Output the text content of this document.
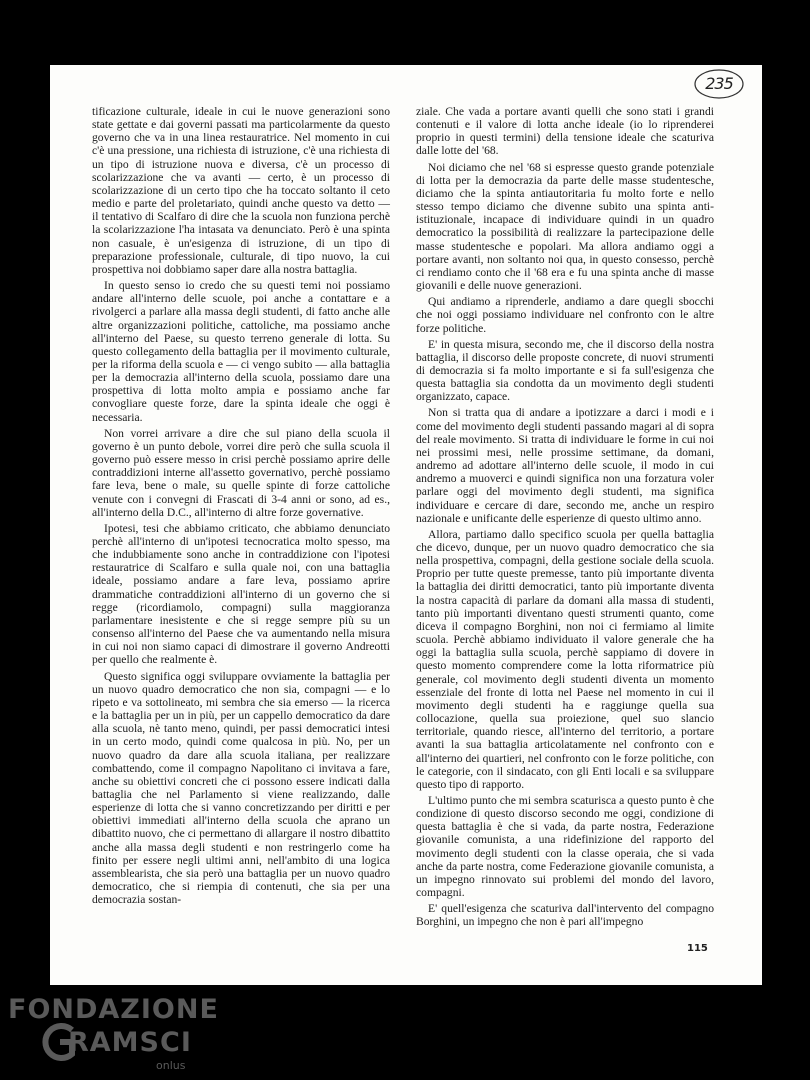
235

tificazione culturale, ideale in cui le nuove generazioni sono state gettate e dai governi passati ma particolarmente da questo governo che va in una linea restauratrice. Nel momento in cui c'è una pressione, una richiesta di istruzione, c'è una richiesta di un tipo di istruzione nuova e diversa, c'è un processo di scolarizzazione che va avanti — certo, è un processo di scolarizzazione di un certo tipo che ha toccato soltanto il ceto medio e parte del proletariato, quindi anche questo va detto — il tentativo di Scalfaro di dire che la scuola non funziona perchè la scolarizzazione l'ha intasata va denunciato. Però è una spinta non casuale, è un'esigenza di istruzione, di un tipo di preparazione professionale, culturale, di tipo nuovo, la cui prospettiva noi dobbiamo saper dare alla nostra battaglia.

In questo senso io credo che su questi temi noi possiamo andare all'interno delle scuole, poi anche a contattare e a rivolgerci a parlare alla massa degli studenti, di fatto anche alle altre organizzazioni politiche, cattoliche, ma possiamo anche all'interno del Paese, su questo terreno generale di lotta. Su questo collegamento della battaglia per il movimento culturale, per la riforma della scuola e — ci vengo subito — alla battaglia per la democrazia all'interno della scuola, possiamo dare una prospettiva di lotta molto ampia e possiamo anche far convogliare queste forze, dare la spinta ideale che oggi è necessaria.

Non vorrei arrivare a dire che sul piano della scuola il governo è un punto debole, vorrei dire però che sulla scuola il governo può essere messo in crisi perchè possiamo aprire delle contraddizioni interne all'assetto governativo, perchè possiamo fare leva, bene o male, su quelle spinte di forze cattoliche venute con i convegni di Frascati di 3-4 anni or sono, ad es., all'interno della D.C., all'interno di altre forze governative.

Ipotesi, tesi che abbiamo criticato, che abbiamo denunciato perchè all'interno di un'ipotesi tecnocratica molto spesso, ma che indubbiamente sono anche in contraddizione con l'ipotesi restauratrice di Scalfaro e sulla quale noi, con una battaglia ideale, possiamo andare a fare leva, possiamo aprire drammatiche contraddizioni all'interno di un governo che si regge (ricordiamolo, compagni) sulla maggioranza parlamentare inesistente e che si regge sempre più su un consenso all'interno del Paese che va aumentando nella misura in cui noi non siamo capaci di dimostrare il governo Andreotti per quello che realmente è.

Questo significa oggi sviluppare ovviamente la battaglia per un nuovo quadro democratico che non sia, compagni — e lo ripeto e va sottolineato, mi sembra che sia emerso — la ricerca e la battaglia per un in più, per un cappello democratico da dare alla scuola, nè tanto meno, quindi, per passi democratici intesi in un certo modo, quindi come qualcosa in più. No, per un nuovo quadro da dare alla scuola italiana, per realizzare combattendo, come il compagno Napolitano ci invitava a fare, anche su obiettivi concreti che ci possono essere indicati dalla battaglia che nel Parlamento si viene realizzando, dalle esperienze di lotta che si vanno concretizzando per diritti e per obiettivi immediati all'interno della scuola che aprano un dibattito nuovo, che ci permettano di allargare il nostro dibattito anche alla massa degli studenti e non restringerlo come ha finito per essere negli ultimi anni, nell'ambito di una logica assemblearista, che sia però una battaglia per un nuovo quadro democratico, che si riempia di contenuti, che sia per una democrazia sostan-

ziale. Che vada a portare avanti quelli che sono stati i grandi contenuti e il valore di lotta anche ideale (io lo riprenderei proprio in questi termini) della tensione ideale che scaturiva dalle lotte del '68.

Noi diciamo che nel '68 si espresse questo grande potenziale di lotta per la democrazia da parte delle masse studentesche, diciamo che la spinta antiautoritaria fu molto forte e nello stesso tempo diciamo che divenne subito una spinta anti-istituzionale, incapace di individuare quindi in un quadro democratico la possibilità di realizzare la partecipazione delle masse studentesche e popolari. Ma allora andiamo oggi a portare avanti, non soltanto noi qua, in questo consesso, perchè ci rendiamo conto che il '68 era e fu una spinta anche di masse giovanili e delle nuove generazioni.

Qui andiamo a riprenderle, andiamo a dare quegli sbocchi che noi oggi possiamo individuare nel confronto con le altre forze politiche.

E' in questa misura, secondo me, che il discorso della nostra battaglia, il discorso delle proposte concrete, di nuovi strumenti di democrazia si fa molto importante e si fa sull'esigenza che questa battaglia sia condotta da un movimento degli studenti organizzato, capace.

Non si tratta qua di andare a ipotizzare a darci i modi e i come del movimento degli studenti passando magari al di sopra del reale movimento. Si tratta di individuare le forme in cui noi nei prossimi mesi, nelle prossime settimane, da domani, andremo ad adottare all'interno delle scuole, il modo in cui andremo a muoverci e quindi significa non una forzatura voler parlare oggi del movimento degli studenti, ma significa individuare e cercare di dare, secondo me, anche un respiro nazionale e unificante delle esperienze di questo ultimo anno.

Allora, partiamo dallo specifico scuola per quella battaglia che dicevo, dunque, per un nuovo quadro democratico che sia nella prospettiva, compagni, della gestione sociale della scuola. Proprio per tutte queste premesse, tanto più importante diventa la battaglia dei diritti democratici, tanto più importante diventa la nostra capacità di parlare da domani alla massa di studenti, tanto più importanti diventano questi strumenti quanto, come diceva il compagno Borghini, non noi ci fermiamo al limite scuola. Perchè abbiamo individuato il valore generale che ha oggi la battaglia sulla scuola, perchè sappiamo di dovere in questo momento comprendere come la lotta riformatrice più generale, col movimento degli studenti diventa un momento essenziale del fronte di lotta nel Paese nel momento in cui il movimento degli studenti ha e raggiunge quella sua collocazione, quella sua proiezione, quel suo slancio territoriale, quando riesce, all'interno del territorio, a portare avanti la sua battaglia articolatamente nel confronto con e all'interno dei quartieri, nel confronto con le forze politiche, con le categorie, con il sindacato, con gli Enti locali e sa sviluppare questo tipo di rapporto.

L'ultimo punto che mi sembra scaturisca a questo punto è che condizione di questo discorso secondo me oggi, condizione di questa battaglia è che si vada, da parte nostra, Federazione giovanile comunista, a una ridefinizione del rapporto del movimento degli studenti con la classe operaia, che si vada anche da parte nostra, come Federazione giovanile comunista, a un impegno rinnovato sui problemi del mondo del lavoro, compagni.

E' quell'esigenza che scaturiva dall'intervento del compagno Borghini, un impegno che non è pari all'impegno

115
FONDAZIONE
RAMSCI
onlus
